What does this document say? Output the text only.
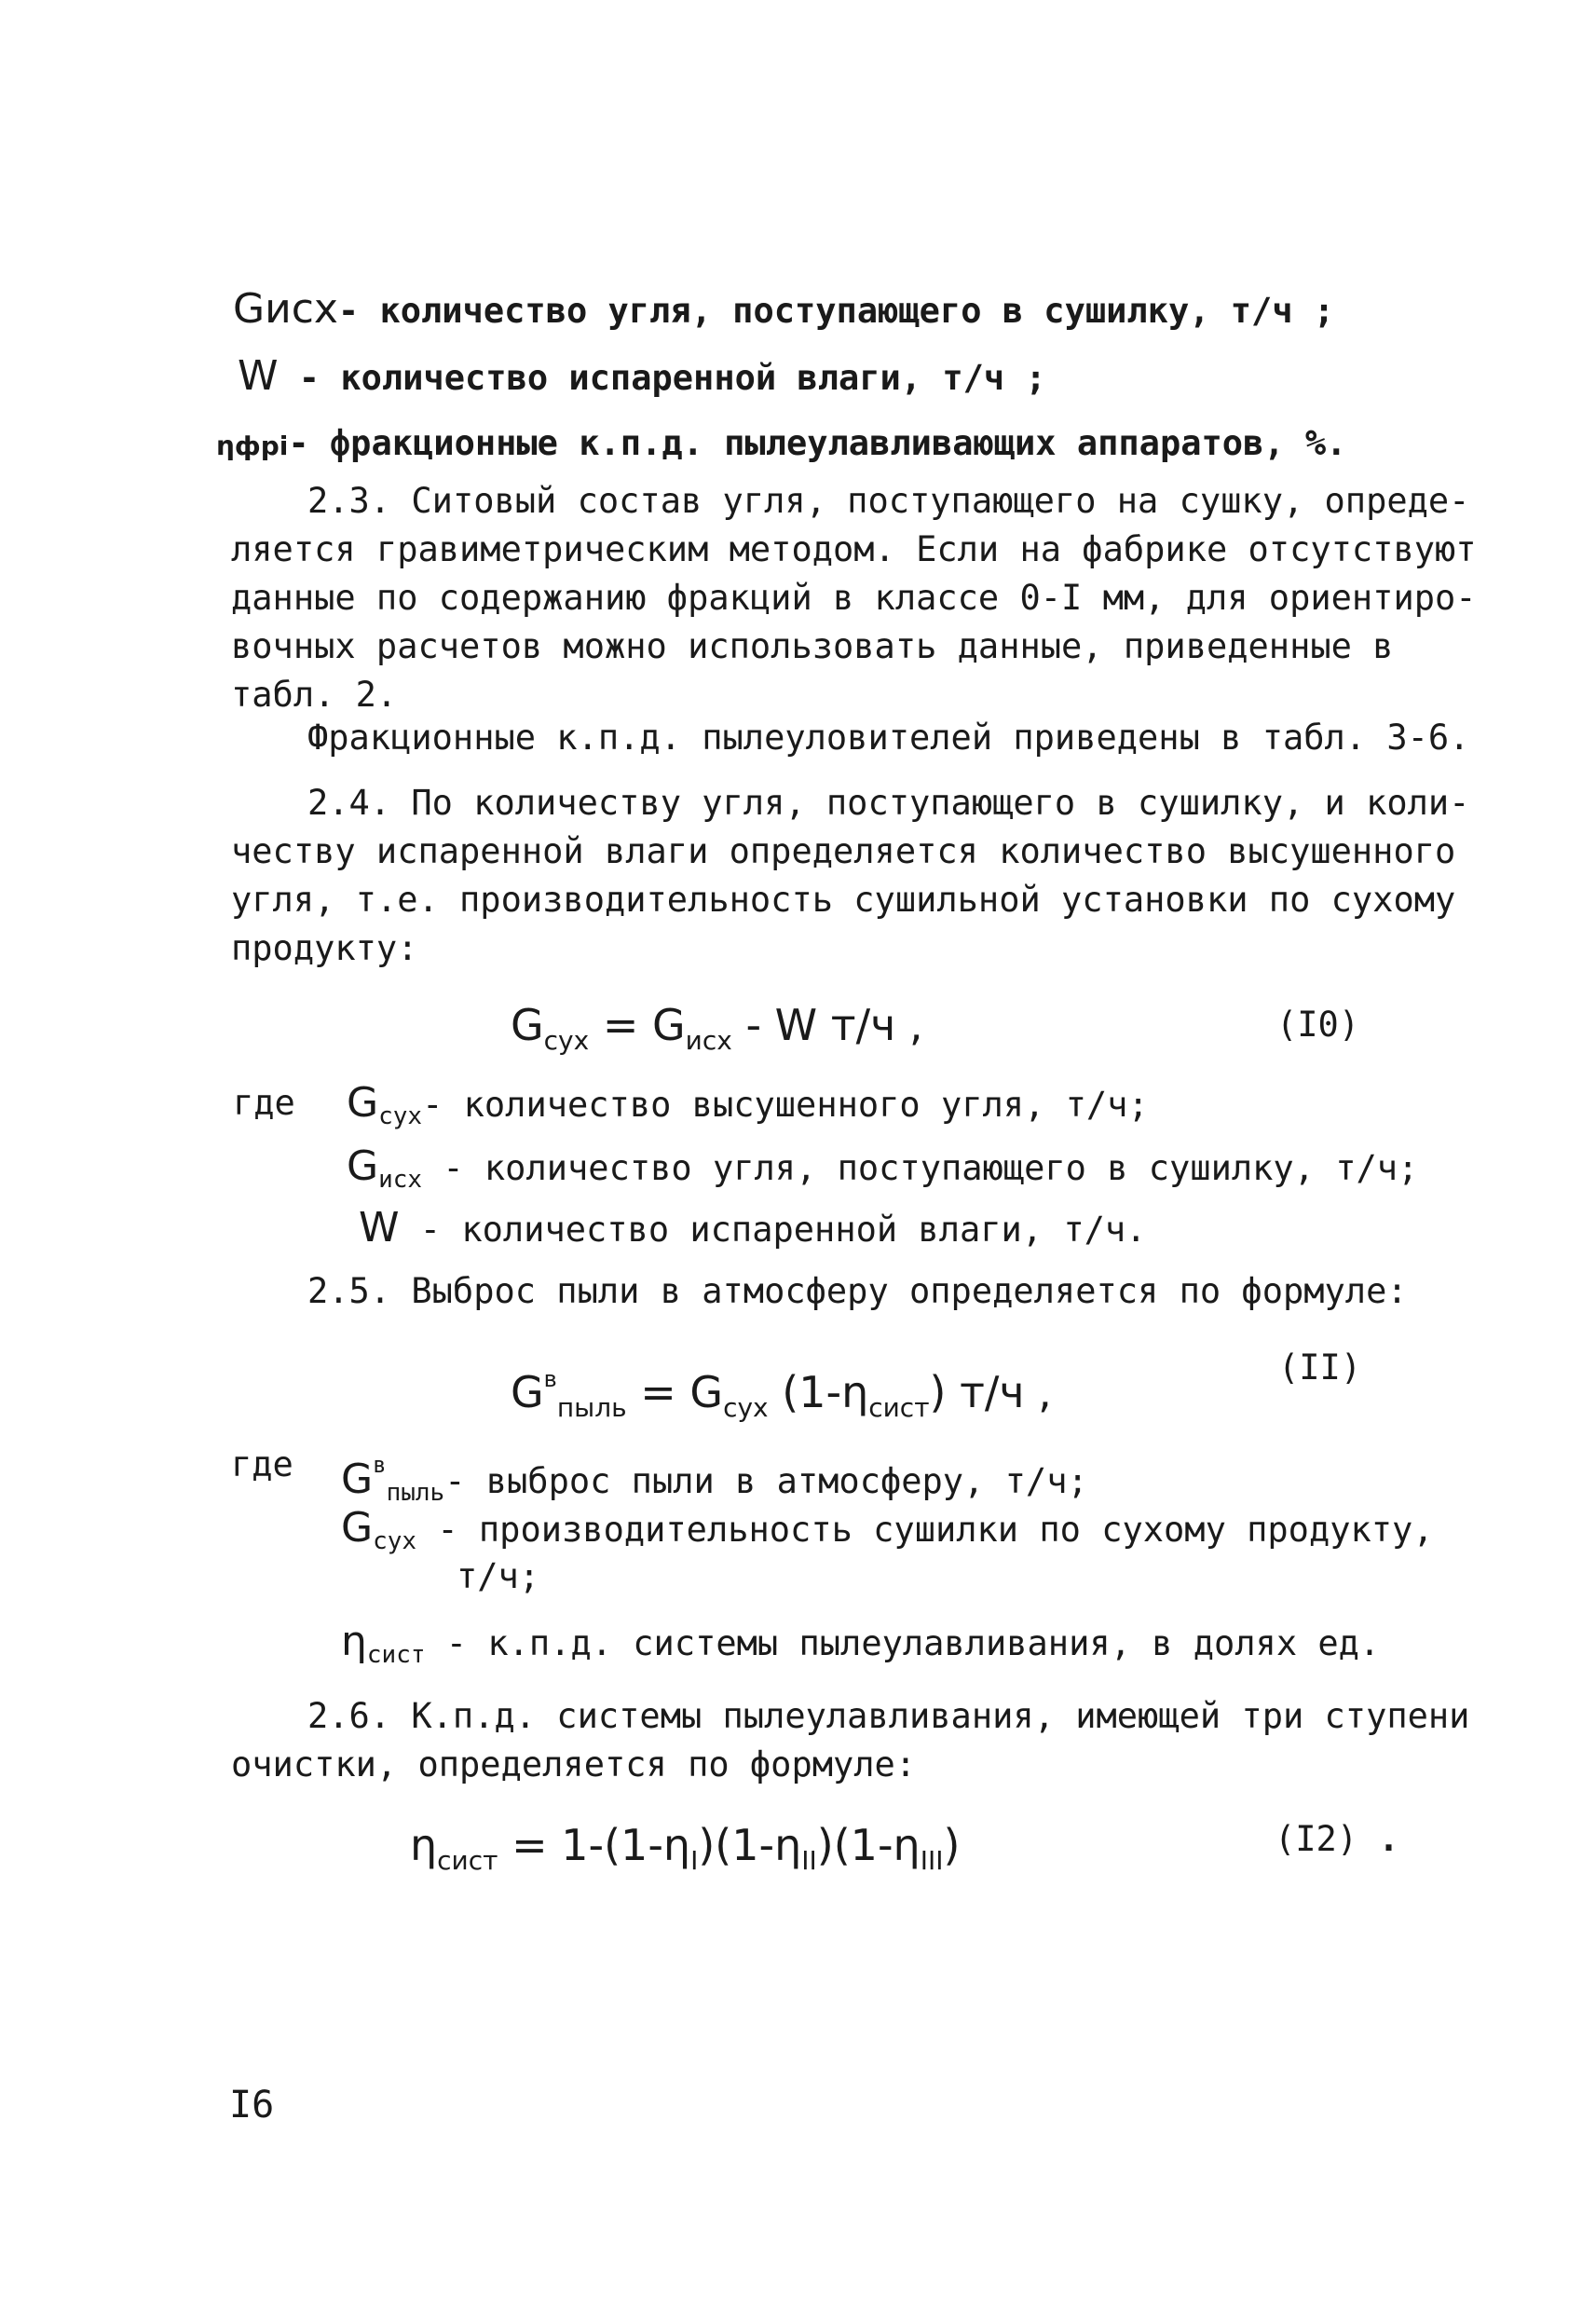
Gисх- количество угля, поступающего в сушилку, т/ч ;
W - количество испаренной влаги, т/ч ;
ηфрi- фракционные к.п.д. пылеулавливающих аппаратов, %.
2.3. Ситовый состав угля, поступающего на сушку, опреде-
ляется гравиметрическим методом. Если на фабрике отсутствуют
данные по содержанию фракций в классе 0-I мм, для ориентиро-
вочных расчетов можно использовать данные, приведенные в
табл. 2.
Фракционные к.п.д. пылеуловителей приведены в табл. 3-6.
2.4. По количеству угля, поступающего в сушилку, и коли-
честву испаренной влаги определяется количество высушенного
угля, т.е. производительность сушильной установки по сухому
продукту:
$G_{сух} = G_{исх} - W$ т/ч ,	(I0)
где $G_{сух}-$ количество высушенного угля, т/ч;
$G_{исх}$ - количество угля, поступающего в сушилку, т/ч;
W - количество испаренной влаги, т/ч.
2.5. Выброс пыли в атмосферу определяется по формуле:
$G^в_{пыль} = G_{сух}$ $(1-\eta_{сист})$ т/ч ,	(II)
где $G^в_{пыль}-$ выброс пыли в атмосферу, т/ч;
$G_{сух}$ - производительность сушилки по сухому продукту,
т/ч;
$\eta_{сист} - к.п.д$. системы пылеулавливания, в долях ед.
2.6. К.п.д. системы пылеулавливания, имеющей три ступени
очистки, определяется по формуле:
$\eta_{сист} = 1-(1-\eta_I)(1-\eta_{II})(1-\eta_{III})$	(I2) .
I6
